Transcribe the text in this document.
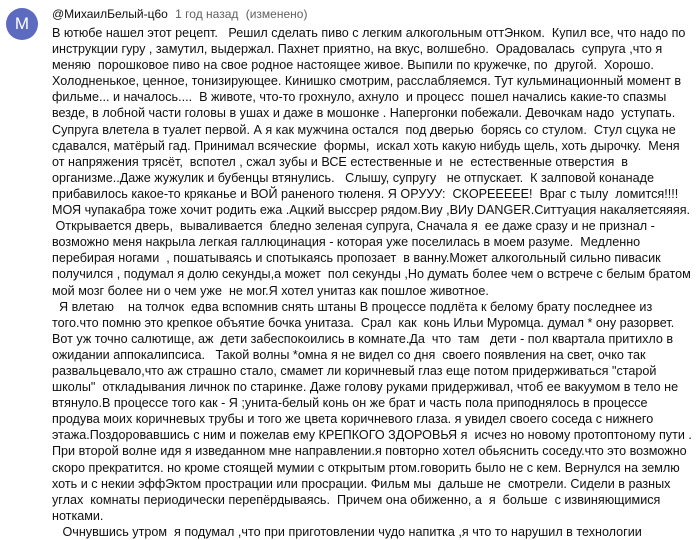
M	@МихаилБелый-ц6о 1 год назад (изменено)
В ютюбе нашел этот рецепт.   Решил сделать пиво с легким алкогольным оттЭнком.  Купил все, что надо по инструкции гуру , замутил, выдержал. Пахнет приятно, на вкус, волшебно.  Орадовалась  супруга ,что я меняю  порошковое пиво на свое родное настоящее живое. Выпили по кружечке, по  другой.  Хорошо.  Холодненькое, ценное, тонизирующее. Кинишко смотрим, расслабляемся. Тут кульминационный момент в фильме... и началось....  В животе, что-то грохнуло, ахнуло  и процесс  пошел начались какие-то спазмы везде, в лобной части головы в ушах и даже в мошонке . Напергонки побежали. Девочкам надо  уступать. Супруга влетела в туалет первой. А я как мужчина остался  под дверью  борясь со стулом.  Стул сцука не сдавался, матёрый гад. Принимал всяческие  формы,  искал хоть какую нибудь щель, хоть дырочку.  Меня  от напряжения трясёт,  вспотел , сжал зубы и ВСЕ естественные и  не  естественные отверстия  в организме..Даже жужулик и бубенцы втянулись.   Слышу, супругу   не отпускает.  К залповой конанаде   прибавилось какое-то кряканье и ВОЙ раненого тюленя. Я ОРУУУ:  СКОРЕЕЕЕЕ!  Враг с тылу  ломится!!!! МОЯ чупакабра тоже хочит родить ежа .Ацкий выссрер рядом.Виу ,ВИу DANGER.Ситтуация накаляетсяяяя.
Открывается дверь,  вываливается  бледно зеленая супруга, Сначала я  ее даже сразу и не признал - возможно меня накрыла легкая галлюцинация - которая уже поселилась в моем разуме.  Медленно перебирая ногами  , пошатываясь и спотыкаясь пропозает  в ванну.Может алкогольный сильно пивасик получился , подумал я долю секунды,а может  пол секунды ,Но думать более чем о встрече с белым братом мой мозг более ни о чем уже  не мог.Я хотел унитаз как пошлое животное.
Я влетаю    на толчок  едва вспомнив снять штаны В процессе подлёта к белому брату последнее из того.что помню это крепкое объятие бочка унитаза.  Срал  как  конь Ильи Муромца. думал * ону разорвет.  Вот уж точно салютище, аж  дети забеспокоились в комнате.Да  что  там   дети - пол квартала притихло в  ожидании аппокалипсиса.   Такой волны *омна я не видел со дня  своего появления на свет, очко так развальцевало,что аж страшно стало, смамет ли коричневый глаз еще потом придерживаться "старой школы"  откладывания личнок по старинке. Даже голову руками придерживал, чтоб ее вакуумом в тело не втянуло.В процессе того как - Я ;унита-белый конь он же брат и часть пола приподнялось в процессе продува моих коричневых трубы и того же цвета коричневого глаза. я увидел своего соседа с нижнего этажа.Поздоровавшись с ним и пожелав ему КРЕПКОГО ЗДОРОВЬЯ я  исчез но новому протоптоному пути .  При второй волне идя я изведанном мне направлении.я повторно хотел обьяснить соседу.что это возможно скоро прекратится. но кроме стоящей мумии с открытым ртом.говорить было не с кем. Вернулся на землю хоть и с некии эффЭктом прострации или просрации. Фильм мы  дальше не  смотрели. Сидели в разных углах  комнаты периодически перепёрдываясь.  Причем она обиженно, а  я  больше  с извиняющимися нотками.
Очнувшись утром  я подумал ,что при приготовлении чудо напитка ,я что то нарушил в технологии
